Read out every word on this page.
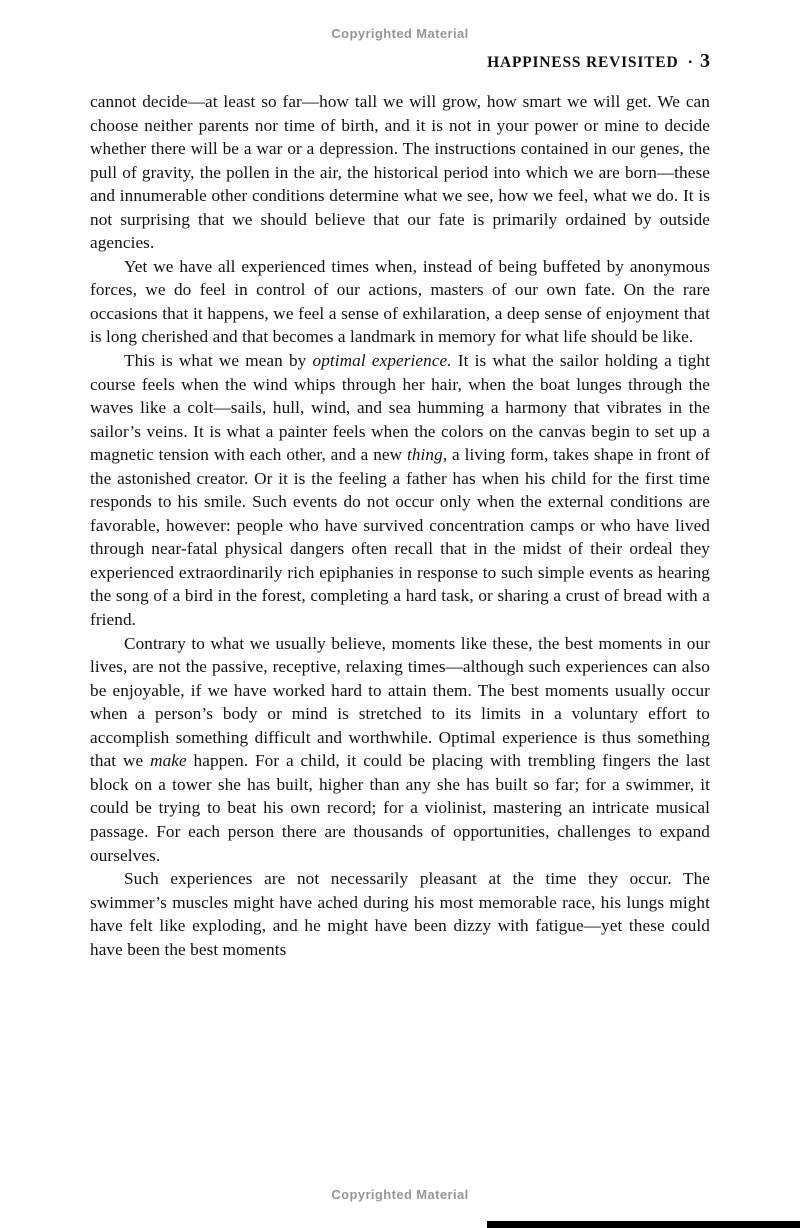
Copyrighted Material
HAPPINESS REVISITED ▪ 3

cannot decide—at least so far—how tall we will grow, how smart we will get. We can choose neither parents nor time of birth, and it is not in your power or mine to decide whether there will be a war or a depression. The instructions contained in our genes, the pull of gravity, the pollen in the air, the historical period into which we are born—these and innumerable other conditions determine what we see, how we feel, what we do. It is not surprising that we should believe that our fate is primarily ordained by outside agencies.

Yet we have all experienced times when, instead of being buffeted by anonymous forces, we do feel in control of our actions, masters of our own fate. On the rare occasions that it happens, we feel a sense of exhilaration, a deep sense of enjoyment that is long cherished and that becomes a landmark in memory for what life should be like.

This is what we mean by optimal experience. It is what the sailor holding a tight course feels when the wind whips through her hair, when the boat lunges through the waves like a colt—sails, hull, wind, and sea humming a harmony that vibrates in the sailor’s veins. It is what a painter feels when the colors on the canvas begin to set up a magnetic tension with each other, and a new thing, a living form, takes shape in front of the astonished creator. Or it is the feeling a father has when his child for the first time responds to his smile. Such events do not occur only when the external conditions are favorable, however: people who have survived concentration camps or who have lived through near-fatal physical dangers often recall that in the midst of their ordeal they experienced extraordinarily rich epiphanies in response to such simple events as hearing the song of a bird in the forest, completing a hard task, or sharing a crust of bread with a friend.

Contrary to what we usually believe, moments like these, the best moments in our lives, are not the passive, receptive, relaxing times—although such experiences can also be enjoyable, if we have worked hard to attain them. The best moments usually occur when a person’s body or mind is stretched to its limits in a voluntary effort to accomplish something difficult and worthwhile. Optimal experience is thus something that we make happen. For a child, it could be placing with trembling fingers the last block on a tower she has built, higher than any she has built so far; for a swimmer, it could be trying to beat his own record; for a violinist, mastering an intricate musical passage. For each person there are thousands of opportunities, challenges to expand ourselves.

Such experiences are not necessarily pleasant at the time they occur. The swimmer’s muscles might have ached during his most memorable race, his lungs might have felt like exploding, and he might have been dizzy with fatigue—yet these could have been the best moments

Copyrighted Material
